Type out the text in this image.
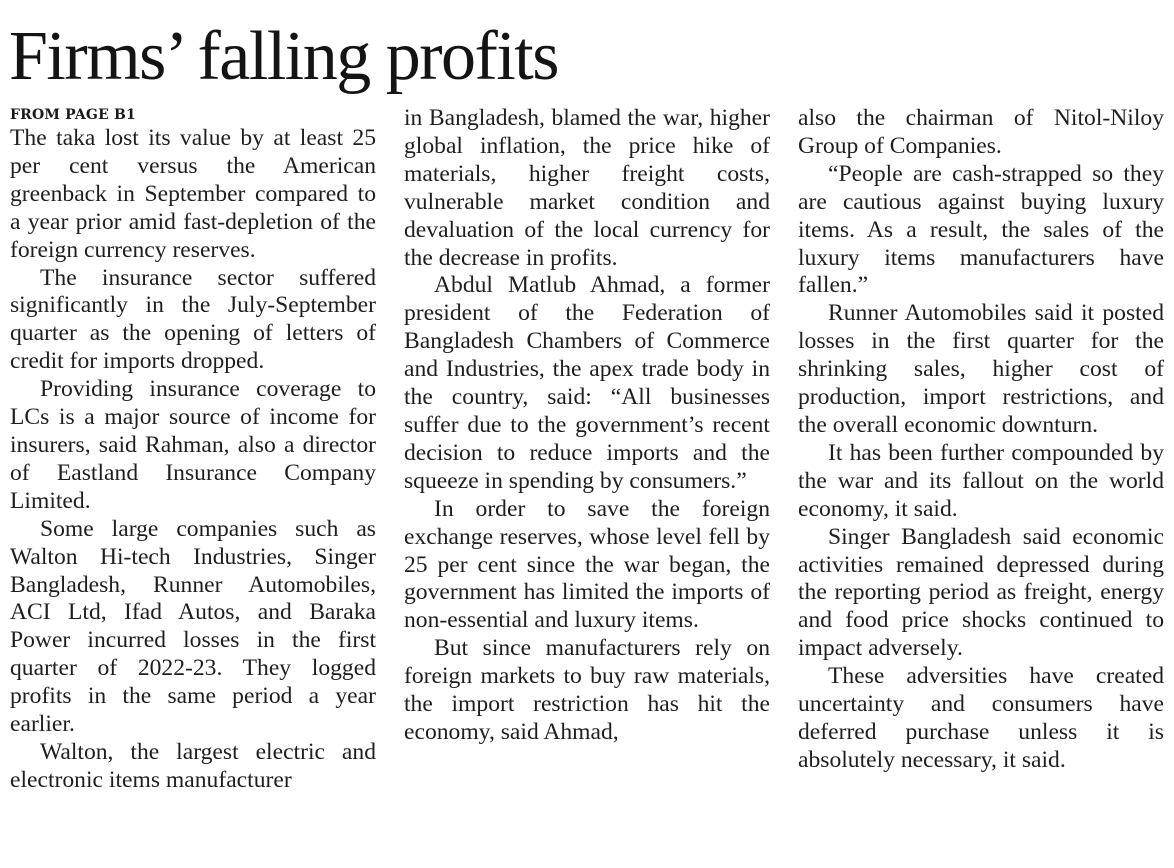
Firms’ falling profits
FROM PAGE B1

The taka lost its value by at least 25 per cent versus the American greenback in September compared to a year prior amid fast-depletion of the foreign currency reserves.

The insurance sector suffered significantly in the July-September quarter as the opening of letters of credit for imports dropped.

Providing insurance coverage to LCs is a major source of income for insurers, said Rahman, also a director of Eastland Insurance Company Limited.

Some large companies such as Walton Hi-tech Industries, Singer Bangladesh, Runner Automobiles, ACI Ltd, Ifad Autos, and Baraka Power incurred losses in the first quarter of 2022-23. They logged profits in the same period a year earlier.

Walton, the largest electric and electronic items manufacturer

in Bangladesh, blamed the war, higher global inflation, the price hike of materials, higher freight costs, vulnerable market condition and devaluation of the local currency for the decrease in profits.

Abdul Matlub Ahmad, a former president of the Federation of Bangladesh Chambers of Commerce and Industries, the apex trade body in the country, said: “All businesses suffer due to the government’s recent decision to reduce imports and the squeeze in spending by consumers.”

In order to save the foreign exchange reserves, whose level fell by 25 per cent since the war began, the government has limited the imports of non-essential and luxury items.

But since manufacturers rely on foreign markets to buy raw materials, the import restriction has hit the economy, said Ahmad,

also the chairman of Nitol-Niloy Group of Companies.

“People are cash-strapped so they are cautious against buying luxury items. As a result, the sales of the luxury items manufacturers have fallen.”

Runner Automobiles said it posted losses in the first quarter for the shrinking sales, higher cost of production, import restrictions, and the overall economic downturn.

It has been further compounded by the war and its fallout on the world economy, it said.

Singer Bangladesh said economic activities remained depressed during the reporting period as freight, energy and food price shocks continued to impact adversely.

These adversities have created uncertainty and consumers have deferred purchase unless it is absolutely necessary, it said.
